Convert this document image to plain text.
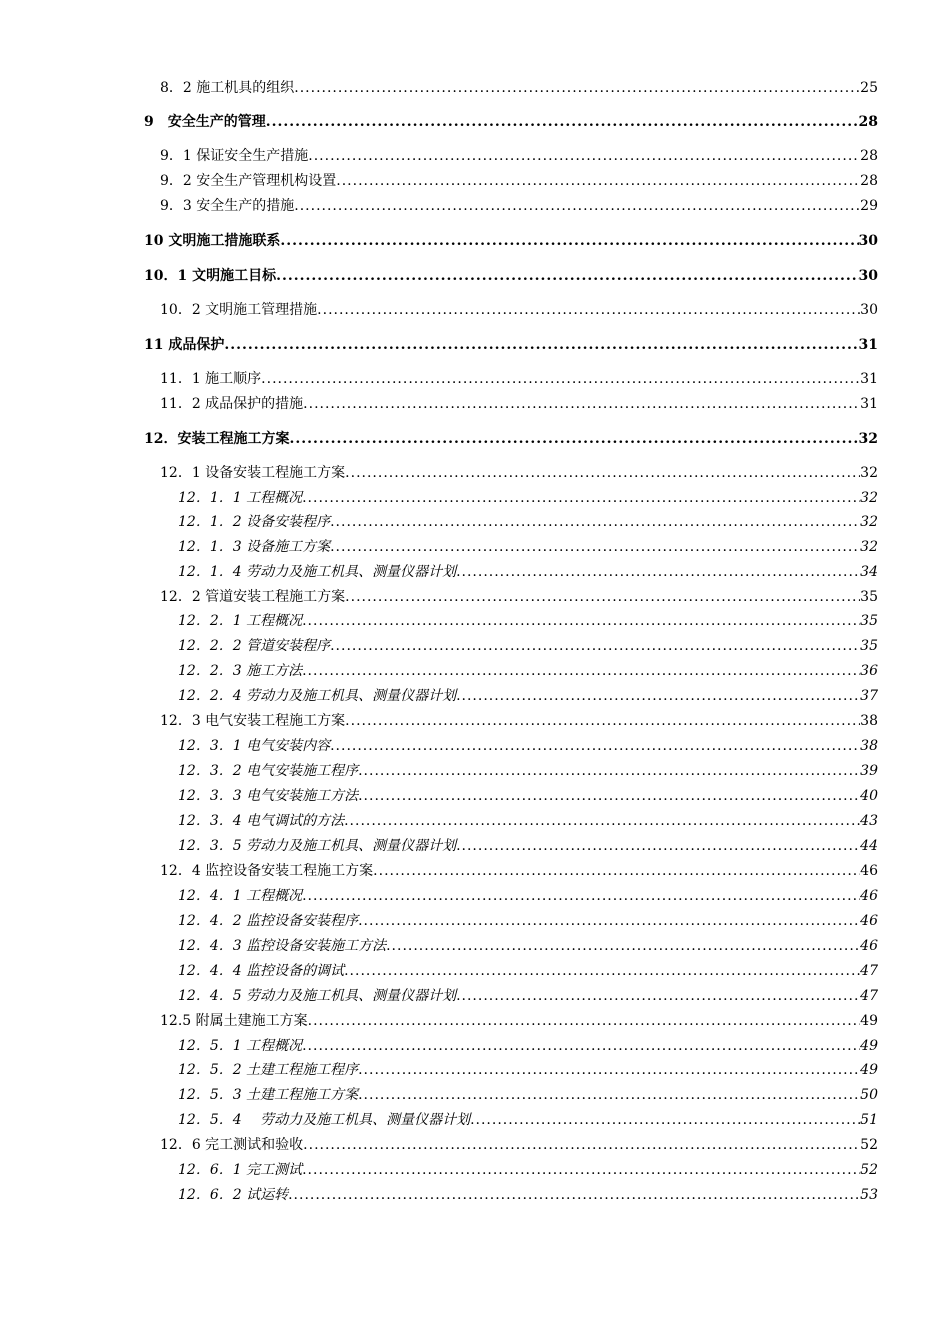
8．2 施工机具的组织 .....	25
9　安全生产的管理 .....	28
9．1 保证安全生产措施 .....	28
9．2 安全生产管理机构设置 .....	28
9．3 安全生产的措施 .....	29
10 文明施工措施联系 .....	30
10．1 文明施工目标 .....	30
10．2 文明施工管理措施 .....	30
11 成品保护 .....	31
11．1 施工顺序 .....	31
11．2 成品保护的措施 .....	31
12．安装工程施工方案 .....	32
12．1 设备安装工程施工方案 .....	32
12．1．1 工程概况 .....	32
12．1．2 设备安装程序 .....	32
12．1．3 设备施工方案 .....	32
12．1．4 劳动力及施工机具、测量仪器计划 .....	34
12．2 管道安装工程施工方案 .....	35
12．2．1 工程概况 .....	35
12．2．2 管道安装程序 .....	35
12．2．3 施工方法 .....	36
12．2．4 劳动力及施工机具、测量仪器计划 .....	37
12．3 电气安装工程施工方案 .....	38
12．3．1 电气安装内容 .....	38
12．3．2 电气安装施工程序 .....	39
12．3．3 电气安装施工方法 .....	40
12．3．4 电气调试的方法 .....	43
12．3．5 劳动力及施工机具、测量仪器计划 .....	44
12．4 监控设备安装工程施工方案 .....	46
12．4．1 工程概况 .....	46
12．4．2 监控设备安装程序 .....	46
12．4．3 监控设备安装施工方法 .....	46
12．4．4 监控设备的调试 .....	47
12．4．5 劳动力及施工机具、测量仪器计划 .....	47
12.5 附属土建施工方案 .....	49
12．5．1 工程概况 .....	49
12．5．2 土建工程施工程序 .....	49
12．5．3 土建工程施工方案 .....	50
12．5．4　 劳动力及施工机具、测量仪器计划 .....	51
12．6 完工测试和验收 .....	52
12．6．1 完工测试 .....	52
12．6．2 试运转 .....	53
